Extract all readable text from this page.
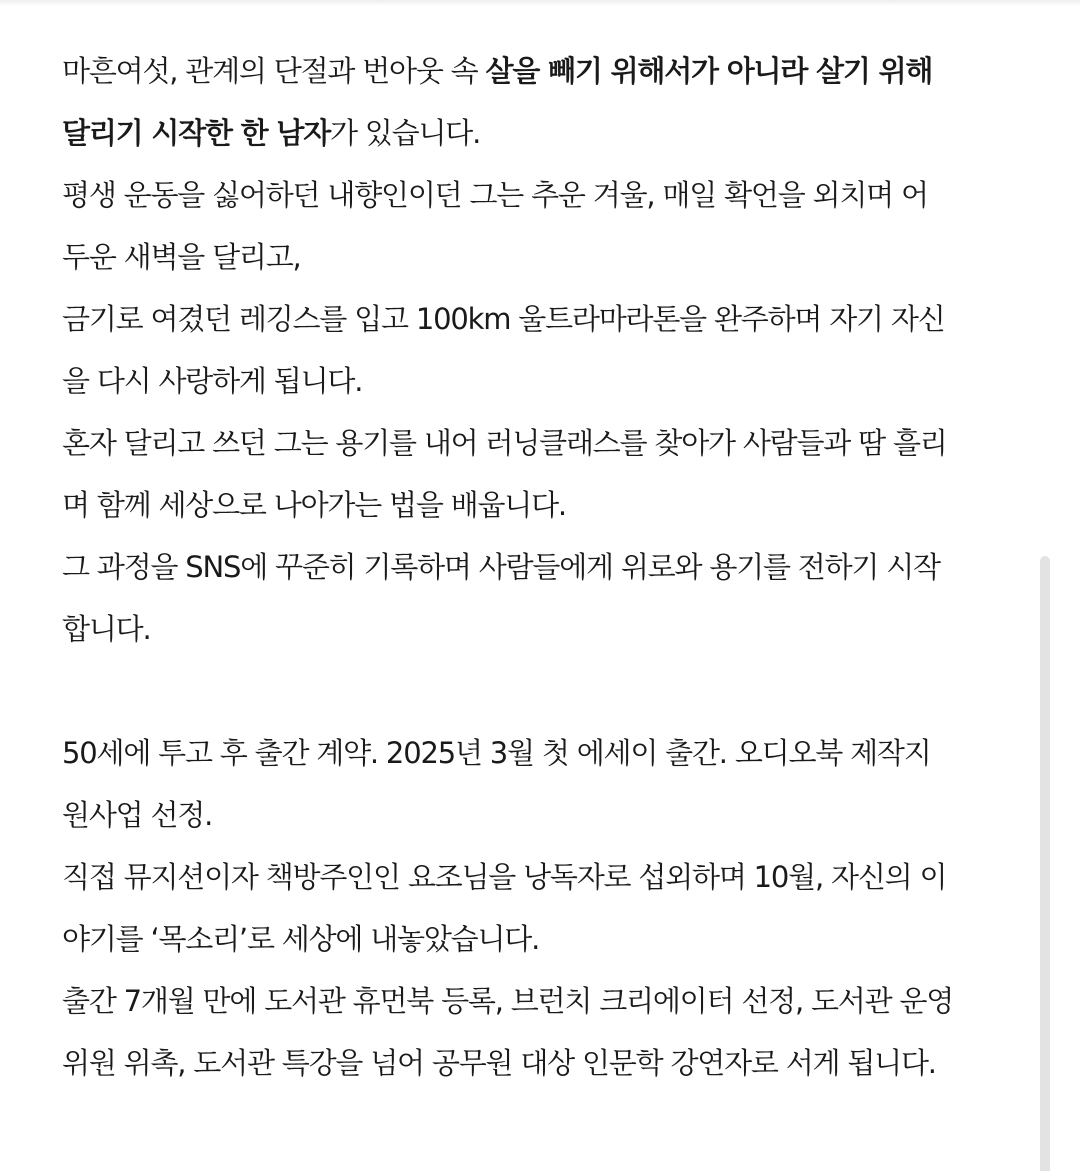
마흔여섯, 관계의 단절과 번아웃 속 살을 빼기 위해서가 아니라 살기 위해
달리기 시작한 한 남자가 있습니다.
평생 운동을 싫어하던 내향인이던 그는 추운 겨울, 매일 확언을 외치며 어
두운 새벽을 달리고,
금기로 여겼던 레깅스를 입고 100km 울트라마라톤을 완주하며 자기 자신
을 다시 사랑하게 됩니다.
혼자 달리고 쓰던 그는 용기를 내어 러닝클래스를 찾아가 사람들과 땀 흘리
며 함께 세상으로 나아가는 법을 배웁니다.
그 과정을 SNS에 꾸준히 기록하며 사람들에게 위로와 용기를 전하기 시작
합니다.
50세에 투고 후 출간 계약. 2025년 3월 첫 에세이 출간. 오디오북 제작지
원사업 선정.
직접 뮤지션이자 책방주인인 요조님을 낭독자로 섭외하며 10월, 자신의 이
야기를 ‘목소리’로 세상에 내놓았습니다.
출간 7개월 만에 도서관 휴먼북 등록, 브런치 크리에이터 선정, 도서관 운영
위원 위촉, 도서관 특강을 넘어 공무원 대상 인문학 강연자로 서게 됩니다.
